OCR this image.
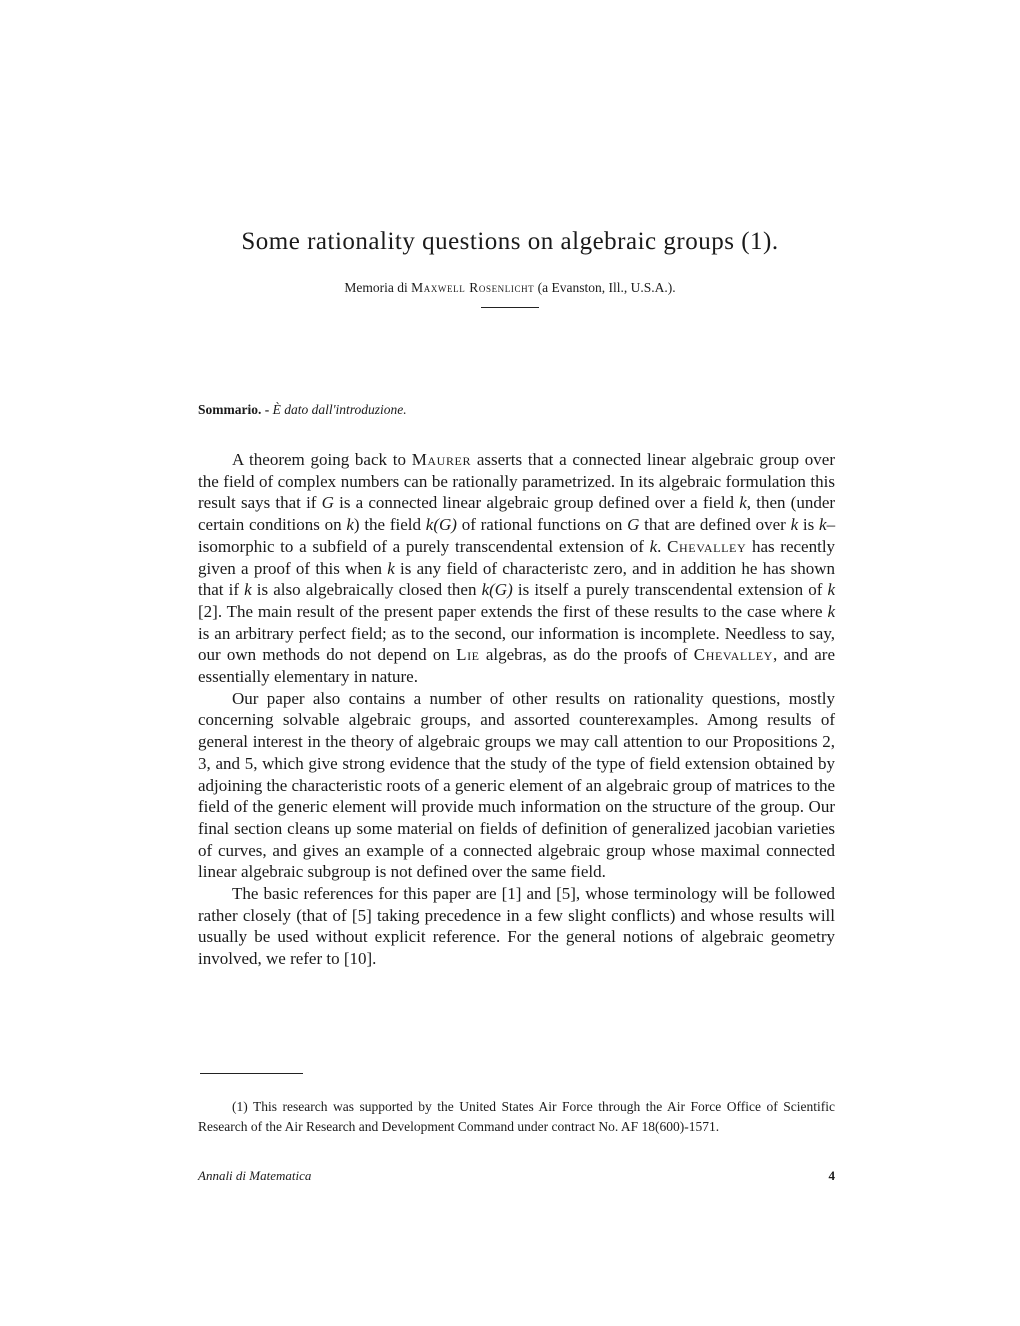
Some rationality questions on algebraic groups (1).
Memoria di Maxwell Rosenlicht (a Evanston, Ill., U.S.A.).
Sommario. - È dato dall'introduzione.

A theorem going back to Maurer asserts that a connected linear algebraic group over the field of complex numbers can be rationally parametrized. In its algebraic formulation this result says that if G is a connected linear algebraic group defined over a field k, then (under certain conditions on k) the field k(G) of rational functions on G that are defined over k is k–isomorphic to a subfield of a purely transcendental extension of k. Chevalley has recently given a proof of this when k is any field of characteristc zero, and in addition he has shown that if k is also algebraically closed then k(G) is itself a purely transcendental extension of k [2]. The main result of the present paper extends the first of these results to the case where k is an arbitrary perfect field; as to the second, our information is incomplete. Needless to say, our own methods do not depend on Lie algebras, as do the proofs of Chevalley, and are essentially elementary in nature.

Our paper also contains a number of other results on rationality questions, mostly concerning solvable algebraic groups, and assorted counterexamples. Among results of general interest in the theory of algebraic groups we may call attention to our Propositions 2, 3, and 5, which give strong evidence that the study of the type of field extension obtained by adjoining the characteristic roots of a generic element of an algebraic group of matrices to the field of the generic element will provide much information on the structure of the group. Our final section cleans up some material on fields of definition of generalized jacobian varieties of curves, and gives an example of a connected algebraic group whose maximal connected linear algebraic subgroup is not defined over the same field.

The basic references for this paper are [1] and [5], whose terminology will be followed rather closely (that of [5] taking precedence in a few slight conflicts) and whose results will usually be used without explicit reference. For the general notions of algebraic geometry involved, we refer to [10].

(1) This research was supported by the United States Air Force through the Air Force Office of Scientific Research of the Air Research and Development Command under contract No. AF 18(600)-1571.
Annali di Matematica	4
